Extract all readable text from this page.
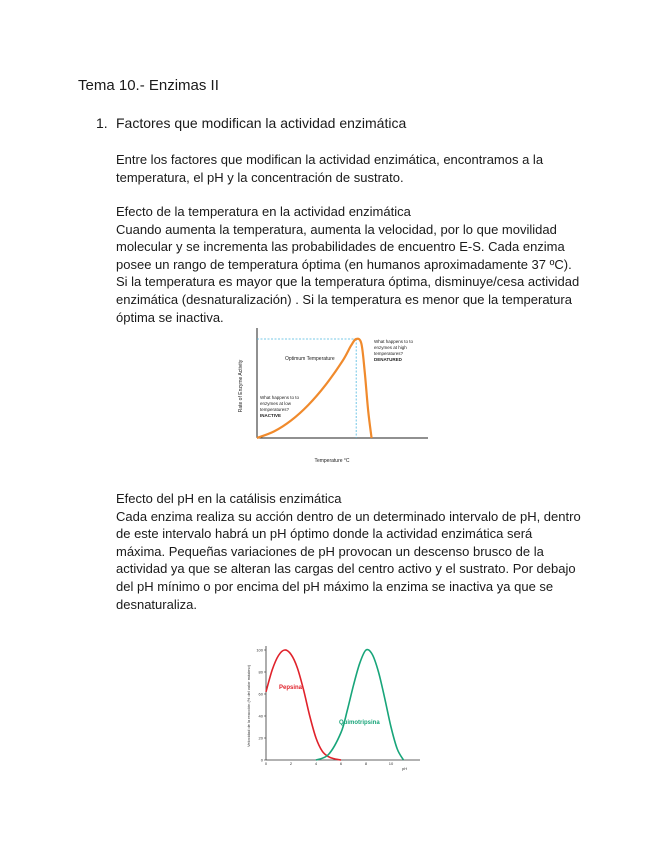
Tema 10.- Enzimas II
1. Factores que modifican la actividad enzimática
Entre los factores que modifican la actividad enzimática, encontramos a la
temperatura, el pH y la concentración de sustrato.
Efecto de la temperatura en la actividad enzimática
Cuando aumenta la temperatura, aumenta la velocidad, por lo que movilidad
molecular y se incrementa las probabilidades de encuentro E-S. Cada enzima
posee un rango de temperatura óptima (en humanos aproximadamente 37 ºC).
Si la temperatura es mayor que la temperatura óptima, disminuye/cesa actividad
enzimática (desnaturalización) . Si la temperatura es menor que la temperatura
óptima se inactiva.
Temperature °C
Rate of Enzyme Activity
Optimum Temperature
What happens to to
enzymes at high
temperatures?
DENATURED
What happens to to
enzymes at low
temperatures?
INACTIVE
Efecto del pH en la catálisis enzimática
Cada enzima realiza su acción dentro de un determinado intervalo de pH, dentro
de este intervalo habrá un pH óptimo donde la actividad enzimática será
máxima. Pequeñas variaciones de pH provocan un descenso brusco de la
actividad ya que se alteran las cargas del centro activo y el sustrato. Por debajo
del pH mínimo o por encima del pH máximo la enzima se inactiva ya que se
desnaturaliza.
0
20
40
60
80
100
0	2	4	6	8	10
Pepsina
Quimotripsina
pH
Velocidad de la reacción (% del valor máximo)
